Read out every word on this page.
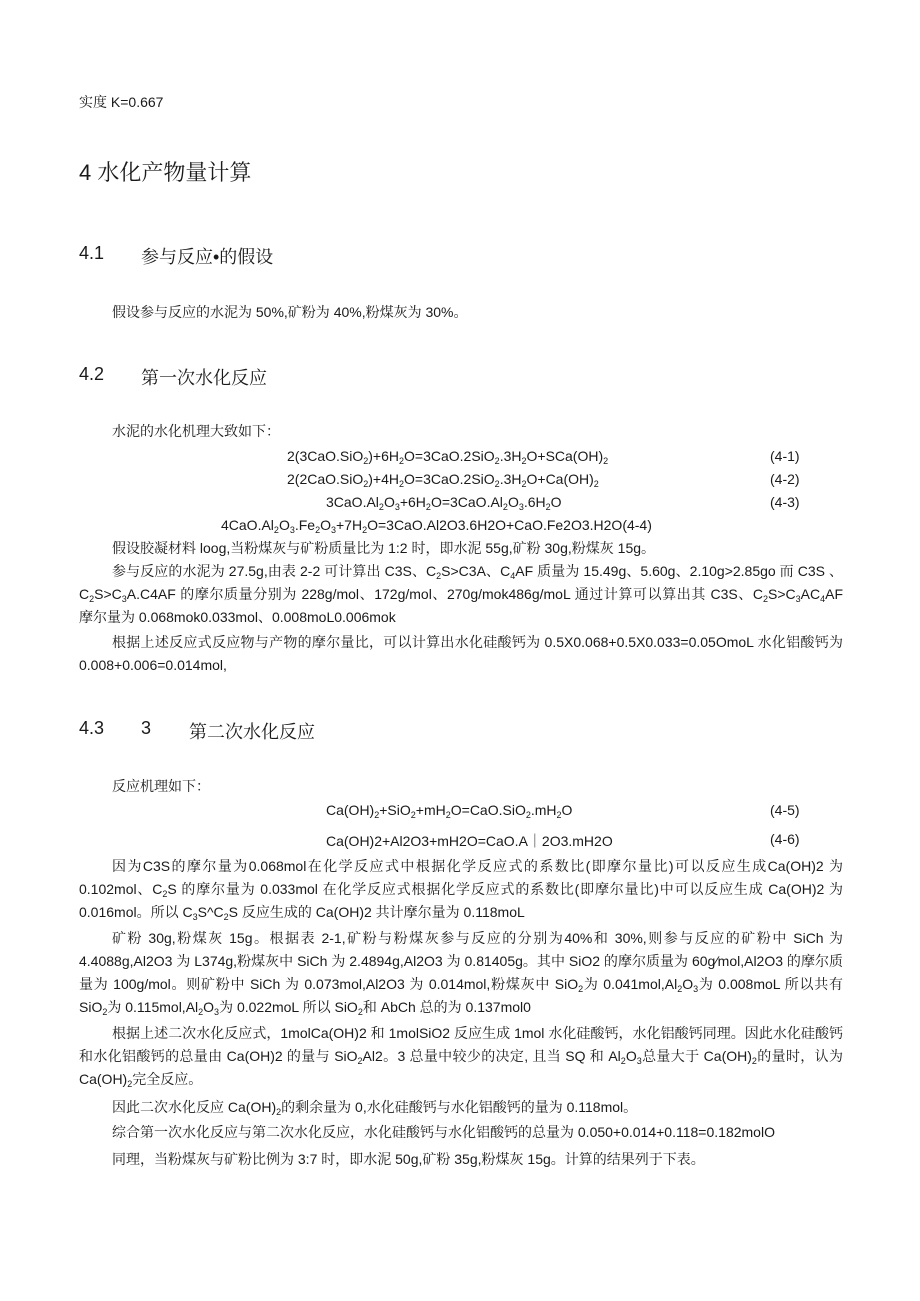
实度 K=0.667
4 水化产物量计算
4.1 参与反应•的假设
假设参与反应的水泥为 50%,矿粉为 40%,粉煤灰为 30%。
4.2 第一次水化反应
水泥的水化机理大致如下：
$2(3CaO.SiO_2)+6H_2O=3CaO.2SiO_2.3H_2O+SCa(OH)_2$	(4-1)
$2(2CaO.SiO_2)+4H_2O=3CaO.2SiO_2.3H_2O+Ca(OH)_2$	(4-2)
$3CaO.Al_2O_3+6H_2O=3CaO.Al_2O_3.6H_2O$	(4-3)
$4CaO.Al_2O_3.Fe_2O_3+7H_2O=3CaO.Al2O3.6H2O+CaO.Fe2O3.H2O(4-4)$
假设胶凝材料 loog,当粉煤灰与矿粉质量比为 1:2 时，即水泥 55g,矿粉 30g,粉煤灰 15g。
参与反应的水泥为 27.5g,由表 2-2 可计算出 C3S、$C_2S>C3A$、$C_4AF$ 质量为 15.49g、5.60g、2.10g>2.85go 而 C3S 、$C_2S>C_3A.C4AF$ 的摩尔质量分别为 228g/mol、172g/mol、270g/mok486g/moL 通过计算可以算出其 C3S、$C_2S>C_3AC_4AF$ 摩尔量为 0.068mok0.033mol、0.008moL0.006mok
根据上述反应式反应物与产物的摩尔量比，可以计算出水化硅酸钙为 0.5X0.068+0.5X0.033=0.05OmoL 水化铝酸钙为 0.008+0.006=0.014mol,
4.3 3 第二次水化反应
反应机理如下：
$Ca(OH)_2+SiO_2+mH_2O=CaO.SiO_2.mH_2O$	(4-5)
Ca(OH)2+Al2O3+mH2O=CaO.A｜2O3.mH2O	(4-6)
因为C3S的摩尔量为0.068mol在化学反应式中根据化学反应式的系数比(即摩尔量比)可以反应生成Ca(OH)2 为 0.102mol、$C_2S$ 的摩尔量为 0.033mol 在化学反应式根据化学反应式的系数比(即摩尔量比)中可以反应生成 Ca(OH)2 为 0.016mol。所以 $C_3S\^{}C_2S$ 反应生成的 Ca(OH)2 共计摩尔量为 0.118moL
矿粉 30g,粉煤灰 15g。根据表 2-1,矿粉与粉煤灰参与反应的分别为40%和 30%,则参与反应的矿粉中 SiCh 为 4.4088g,Al2O3 为 L374g,粉煤灰中 SiCh 为 2.4894g,Al2O3 为 0.81405g。其中 SiO2 的摩尔质量为 60g∕mol,Al2O3 的摩尔质量为 100g/mol。则矿粉中 SiCh 为 0.073mol,Al2O3 为 0.014mol,粉煤灰中 SiO$_2$为 $0.041mol,Al_2O_3$为 0.008moL 所以共有 SiO$_2$为 $0.115mol,Al_2O_3$为 0.022moL 所以 SiO$_2$和 AbCh 总的为 0.137mol0
根据上述二次水化反应式，1molCa(OH)2 和 1molSiO2 反应生成 1mol 水化硅酸钙，水化铝酸钙同理。因此水化硅酸钙和水化铝酸钙的总量由 Ca(OH)2 的量与 SiO$_2$Al2。3 总量中较少的决定, 且当 SQ 和 $Al_2O_3$总量大于 $Ca(OH)_2$的量时，认为 $Ca(OH)_2$完全反应。
因此二次水化反应 $Ca(OH)_2$的剩余量为 0,水化硅酸钙与水化铝酸钙的量为 0.118mol。
综合第一次水化反应与第二次水化反应，水化硅酸钙与水化铝酸钙的总量为 0.050+0.014+0.118=0.182molO
同理，当粉煤灰与矿粉比例为 3:7 时，即水泥 50g,矿粉 35g,粉煤灰 15g。计算的结果列于下表。
